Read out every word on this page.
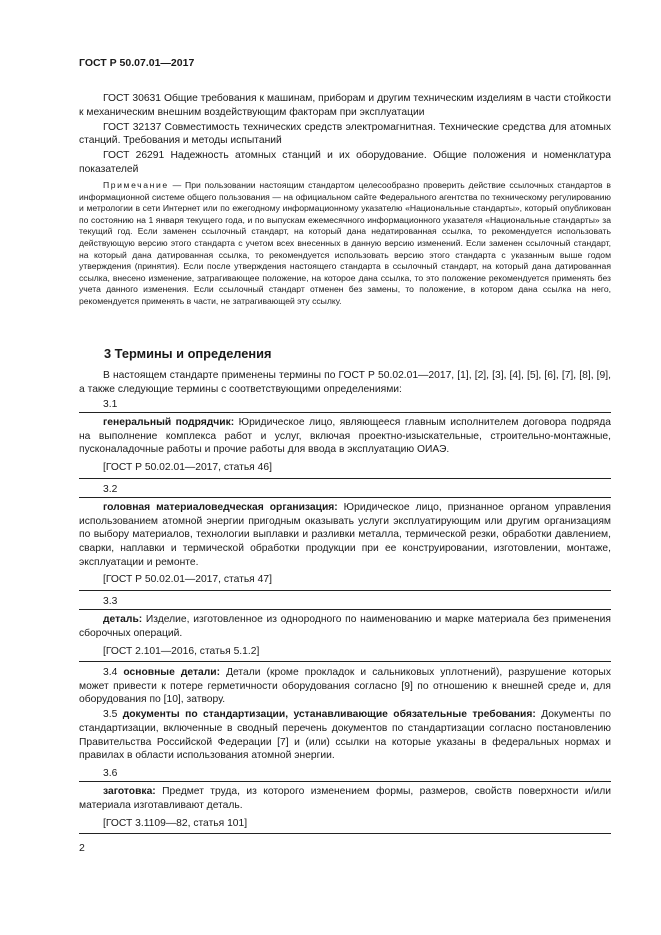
ГОСТ Р 50.07.01—2017

ГОСТ 30631 Общие требования к машинам, приборам и другим техническим изделиям в части стойкости к механическим внешним воздействующим факторам при эксплуатации

ГОСТ 32137 Совместимость технических средств электромагнитная. Технические средства для атомных станций. Требования и методы испытаний

ГОСТ 26291 Надежность атомных станций и их оборудование. Общие положения и номенклатура показателей

Примечание — При пользовании настоящим стандартом целесообразно проверить действие ссылочных стандартов в информационной системе общего пользования — на официальном сайте Федерального агентства по техническому регулированию и метрологии в сети Интернет или по ежегодному информационному указателю «Национальные стандарты», который опубликован по состоянию на 1 января текущего года, и по выпускам ежемесячного информационного указателя «Национальные стандарты» за текущий год. Если заменен ссылочный стандарт, на который дана недатированная ссылка, то рекомендуется использовать действующую версию этого стандарта с учетом всех внесенных в данную версию изменений. Если заменен ссылочный стандарт, на который дана датированная ссылка, то рекомендуется использовать версию этого стандарта с указанным выше годом утверждения (принятия). Если после утверждения настоящего стандарта в ссылочный стандарт, на который дана датированная ссылка, внесено изменение, затрагивающее положение, на которое дана ссылка, то это положение рекомендуется применять без учета данного изменения. Если ссылочный стандарт отменен без замены, то положение, в котором дана ссылка на него, рекомендуется применять в части, не затрагивающей эту ссылку.

3 Термины и определения

В настоящем стандарте применены термины по ГОСТ Р 50.02.01—2017, [1], [2], [3], [4], [5], [6], [7], [8], [9], а также следующие термины с соответствующими определениями:

3.1

генеральный подрядчик: Юридическое лицо, являющееся главным исполнителем договора подряда на выполнение комплекса работ и услуг, включая проектно-изыскательные, строительно-монтажные, пусконаладочные работы и прочие работы для ввода в эксплуатацию ОИАЭ.

[ГОСТ Р 50.02.01—2017, статья 46]

3.2

головная материаловедческая организация: Юридическое лицо, признанное органом управления использованием атомной энергии пригодным оказывать услуги эксплуатирующим или другим организациям по выбору материалов, технологии выплавки и разливки металла, термической резки, обработки давлением, сварки, наплавки и термической обработки продукции при ее конструировании, изготовлении, монтаже, эксплуатации и ремонте.

[ГОСТ Р 50.02.01—2017, статья 47]

3.3

деталь: Изделие, изготовленное из однородного по наименованию и марке материала без применения сборочных операций.

[ГОСТ 2.101—2016, статья 5.1.2]

3.4 основные детали: Детали (кроме прокладок и сальниковых уплотнений), разрушение которых может привести к потере герметичности оборудования согласно [9] по отношению к внешней среде и, для оборудования по [10], затвору.

3.5 документы по стандартизации, устанавливающие обязательные требования: Документы по стандартизации, включенные в сводный перечень документов по стандартизации согласно постановлению Правительства Российской Федерации [7] и (или) ссылки на которые указаны в федеральных нормах и правилах в области использования атомной энергии.

3.6

заготовка: Предмет труда, из которого изменением формы, размеров, свойств поверхности и/или материала изготавливают деталь.

[ГОСТ 3.1109—82, статья 101]

2
